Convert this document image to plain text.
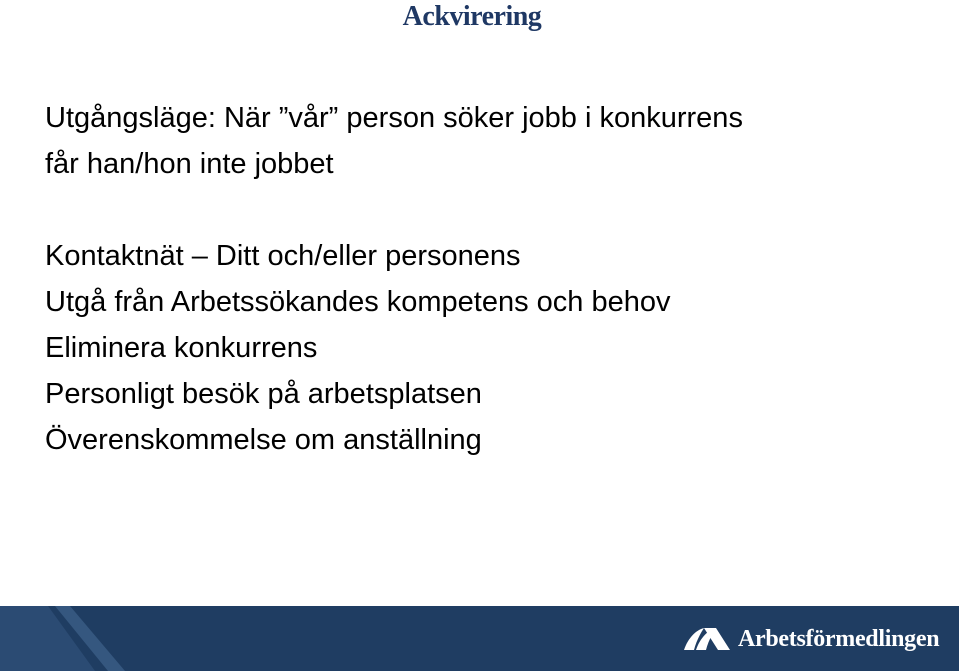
Ackvirering
Utgångsläge: När ”vår” person söker jobb i konkurrens
får han/hon inte jobbet
Kontaktnät – Ditt och/eller personens
Utgå från Arbetssökandes kompetens och behov
Eliminera konkurrens
Personligt besök på arbetsplatsen
Överenskommelse om anställning
Arbetsförmedlingen
